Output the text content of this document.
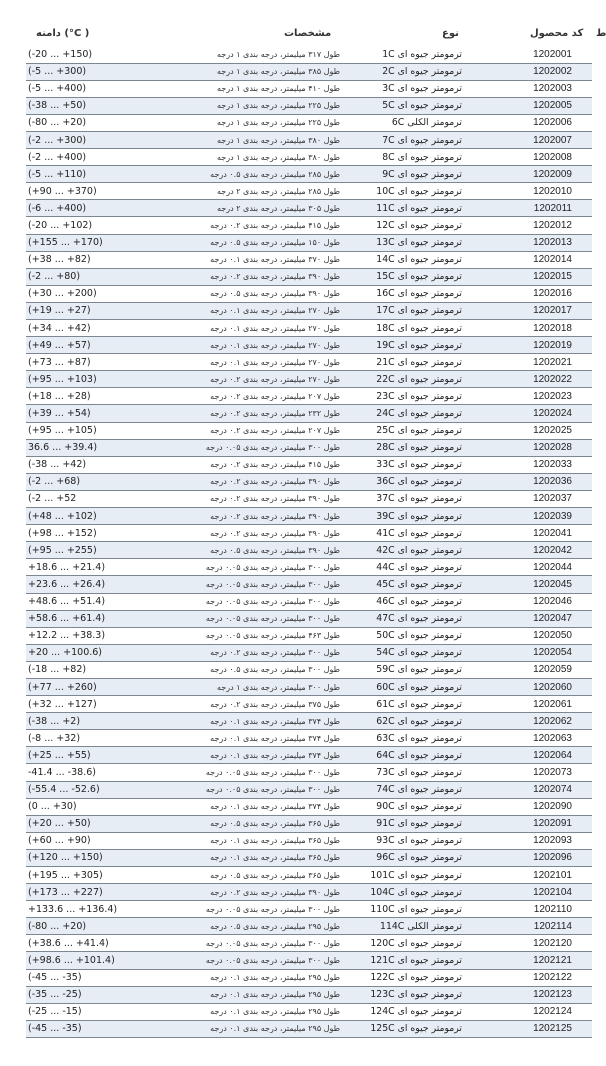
دامنه (°C )	مشخصات	نوع	کد محصول ط
(-20 ... +150)	طول ۳۱۷ میلیمتر، درجه بندی ۱ درجه	ترمومتر جیوه ای 1C	1202001
(-5 ... +300)	طول ۳۸۵ میلیمتر، درجه بندی ۱ درجه	ترمومتر جیوه ای 2C	1202002
(-5 ... +400)	طول ۴۱۰ میلیمتر، درجه بندی ۱ درجه	ترمومتر جیوه ای 3C	1202003
(-38 ... +50)	طول ۲۲۵ میلیمتر، درجه بندی ۱ درجه	ترمومتر جیوه ای 5C	1202005
(-80 ... +20)	طول ۲۲۵ میلیمتر، درجه بندی ۱ درجه	ترمومتر الکلی 6C	1202006
(-2 ... +300)	طول ۳۸۰ میلیمتر، درجه بندی ۱ درجه	ترمومتر جیوه ای 7C	1202007
(-2 ... +400)	طول ۳۸۰ میلیمتر، درجه بندی ۱ درجه	ترمومتر جیوه ای 8C	1202008
(-5 ... +110)	طول ۲۸۵ میلیمتر، درجه بندی ۰.۵ درجه	ترمومتر جیوه ای 9C	1202009
(+90 ... +370)	طول ۲۸۵ میلیمتر، درجه بندی ۲ درجه	ترمومتر جیوه ای 10C	1202010
(-6 ... +400)	طول ۳۰۵ میلیمتر، درجه بندی ۲ درجه	ترمومتر جیوه ای 11C	1202011
(-20 ... +102)	طول ۴۱۵ میلیمتر، درجه بندی ۰.۲ درجه	ترمومتر جیوه ای 12C	1202012
(+155 ... +170)	طول ۱۵۰ میلیمتر، درجه بندی ۰.۵ درجه	ترمومتر جیوه ای 13C	1202013
(+38 ... +82)	طول ۳۷۰ میلیمتر، درجه بندی ۰.۱ درجه	ترمومتر جیوه ای 14C	1202014
(-2 ... +80)	طول ۳۹۰ میلیمتر، درجه بندی ۰.۲ درجه	ترمومتر جیوه ای 15C	1202015
(+30 ... +200)	طول ۳۹۰ میلیمتر، درجه بندی ۰.۵ درجه	ترمومتر جیوه ای 16C	1202016
(+19 ... +27)	طول ۲۷۰ میلیمتر، درجه بندی ۰.۱ درجه	ترمومتر جیوه ای 17C	1202017
(+34 ... +42)	طول ۲۷۰ میلیمتر، درجه بندی ۰.۱ درجه	ترمومتر جیوه ای 18C	1202018
(+49 ... +57)	طول ۲۷۰ میلیمتر، درجه بندی ۰.۱ درجه	ترمومتر جیوه ای 19C	1202019
(+73 ... +87)	طول ۲۷۰ میلیمتر، درجه بندی ۰.۱ درجه	ترمومتر جیوه ای 21C	1202021
(+95 ... +103)	طول ۲۷۰ میلیمتر، درجه بندی ۰.۲ درجه	ترمومتر جیوه ای 22C	1202022
(+18 ... +28)	طول ۲۰۷ میلیمتر، درجه بندی ۰.۲ درجه	ترمومتر جیوه ای 23C	1202023
(+39 ... +54)	طول ۲۳۲ میلیمتر، درجه بندی ۰.۲ درجه	ترمومتر جیوه ای 24C	1202024
(+95 ... +105)	طول ۲۰۷ میلیمتر، درجه بندی ۰.۲ درجه	ترمومتر جیوه ای 25C	1202025
36.6 ... +39.4)	طول ۳۰۰ میلیمتر، درجه بندی ۰.۰۵ درجه	ترمومتر جیوه ای 28C	1202028
(-38 ... +42)	طول ۴۱۵ میلیمتر، درجه بندی ۰.۲ درجه	ترمومتر جیوه ای 33C	1202033
(-2 ... +68)	طول ۳۹۰ میلیمتر، درجه بندی ۰.۲ درجه	ترمومتر جیوه ای 36C	1202036
(-2 ... +52	طول ۳۹۰ میلیمتر، درجه بندی ۰.۲ درجه	ترمومتر جیوه ای 37C	1202037
(+48 ... +102)	طول ۳۹۰ میلیمتر، درجه بندی ۰.۲ درجه	ترمومتر جیوه ای 39C	1202039
(+98 ... +152)	طول ۳۹۰ میلیمتر، درجه بندی ۰.۲ درجه	ترمومتر جیوه ای 41C	1202041
(+95 ... +255)	طول ۳۹۰ میلیمتر، درجه بندی ۰.۵ درجه	ترمومتر جیوه ای 42C	1202042
+18.6 ... +21.4)	طول ۳۰۰ میلیمتر، درجه بندی ۰.۰۵ درجه	ترمومتر جیوه ای 44C	1202044
+23.6 ... +26.4)	طول ۳۰۰ میلیمتر، درجه بندی ۰.۰۵ درجه	ترمومتر جیوه ای 45C	1202045
+48.6 ... +51.4)	طول ۳۰۰ میلیمتر، درجه بندی ۰.۰۵ درجه	ترمومتر جیوه ای 46C	1202046
+58.6 ... +61.4)	طول ۳۰۰ میلیمتر، درجه بندی ۰.۰۵ درجه	ترمومتر جیوه ای 47C	1202047
+12.2 ... +38.3)	طول ۴۶۳ میلیمتر، درجه بندی ۰.۰۵ درجه	ترمومتر جیوه ای 50C	1202050
+20 ... +100.6)	طول ۳۰۰ میلیمتر، درجه بندی ۰.۲ درجه	ترمومتر جیوه ای 54C	1202054
(-18 ... +82)	طول ۳۰۰ میلیمتر، درجه بندی ۰.۵ درجه	ترمومتر جیوه ای 59C	1202059
(+77 ... +260)	طول ۳۰۰ میلیمتر، درجه بندی ۱ درجه	ترمومتر جیوه ای 60C	1202060
(+32 ... +127)	طول ۳۷۵ میلیمتر، درجه بندی ۰.۲ درجه	ترمومتر جیوه ای 61C	1202061
(-38 ... +2)	طول ۳۷۴ میلیمتر، درجه بندی ۰.۱ درجه	ترمومتر جیوه ای 62C	1202062
(-8 ... +32)	طول ۳۷۴ میلیمتر، درجه بندی ۰.۱ درجه	ترمومتر جیوه ای 63C	1202063
(+25 ... +55)	طول ۳۷۴ میلیمتر، درجه بندی ۰.۱ درجه	ترمومتر جیوه ای 64C	1202064
-41.4 ... -38.6)	طول ۳۰۰ میلیمتر، درجه بندی ۰.۰۵ درجه	ترمومتر جیوه ای 73C	1202073
(-55.4 ... -52.6)	طول ۳۰۰ میلیمتر، درجه بندی ۰.۰۵ درجه	ترمومتر جیوه ای 74C	1202074
(0 ... +30)	طول ۳۷۴ میلیمتر، درجه بندی ۰.۱ درجه	ترمومتر جیوه ای 90C	1202090
(+20 ... +50)	طول ۳۶۵ میلیمتر، درجه بندی ۰.۵ درجه	ترمومتر جیوه ای 91C	1202091
(+60 ... +90)	طول ۳۶۵ میلیمتر، درجه بندی ۰.۱ درجه	ترمومتر جیوه ای 93C	1202093
(+120 ... +150)	طول ۳۶۵ میلیمتر، درجه بندی ۰.۱ درجه	ترمومتر جیوه ای 96C	1202096
(+195 ... +305)	طول ۳۶۵ میلیمتر، درجه بندی ۰.۵ درجه	ترمومتر جیوه ای 101C	1202101
(+173 ... +227)	طول ۳۹۰ میلیمتر، درجه بندی ۰.۲ درجه	ترمومتر جیوه ای 104C	1202104
+133.6 ... +136.4)	طول ۳۰۰ میلیمتر، درجه بندی ۰.۰۵ درجه	ترمومتر جیوه ای 110C	1202110
(-80 ... +20)	طول ۲۹۵ میلیمتر، درجه بندی ۰.۵ درجه	ترمومتر الکلی 114C	1202114
(+38.6 ... +41.4)	طول ۳۰۰ میلیمتر، درجه بندی ۰.۰۵ درجه	ترمومتر جیوه ای 120C	1202120
(+98.6 ... +101.4)	طول ۳۰۰ میلیمتر، درجه بندی ۰.۰۵ درجه	ترمومتر جیوه ای 121C	1202121
(-45 ... -35)	طول ۲۹۵ میلیمتر، درجه بندی ۰.۱ درجه	ترمومتر جیوه ای 122C	1202122
(-35 ... -25)	طول ۲۹۵ میلیمتر، درجه بندی ۰.۱ درجه	ترمومتر جیوه ای 123C	1202123
(-25 ... -15)	طول ۲۹۵ میلیمتر، درجه بندی ۰.۱ درجه	ترمومتر جیوه ای 124C	1202124
(-45 ... -35)	طول ۲۹۵ میلیمتر، درجه بندی ۰.۱ درجه	ترمومتر جیوه ای 125C	1202125
